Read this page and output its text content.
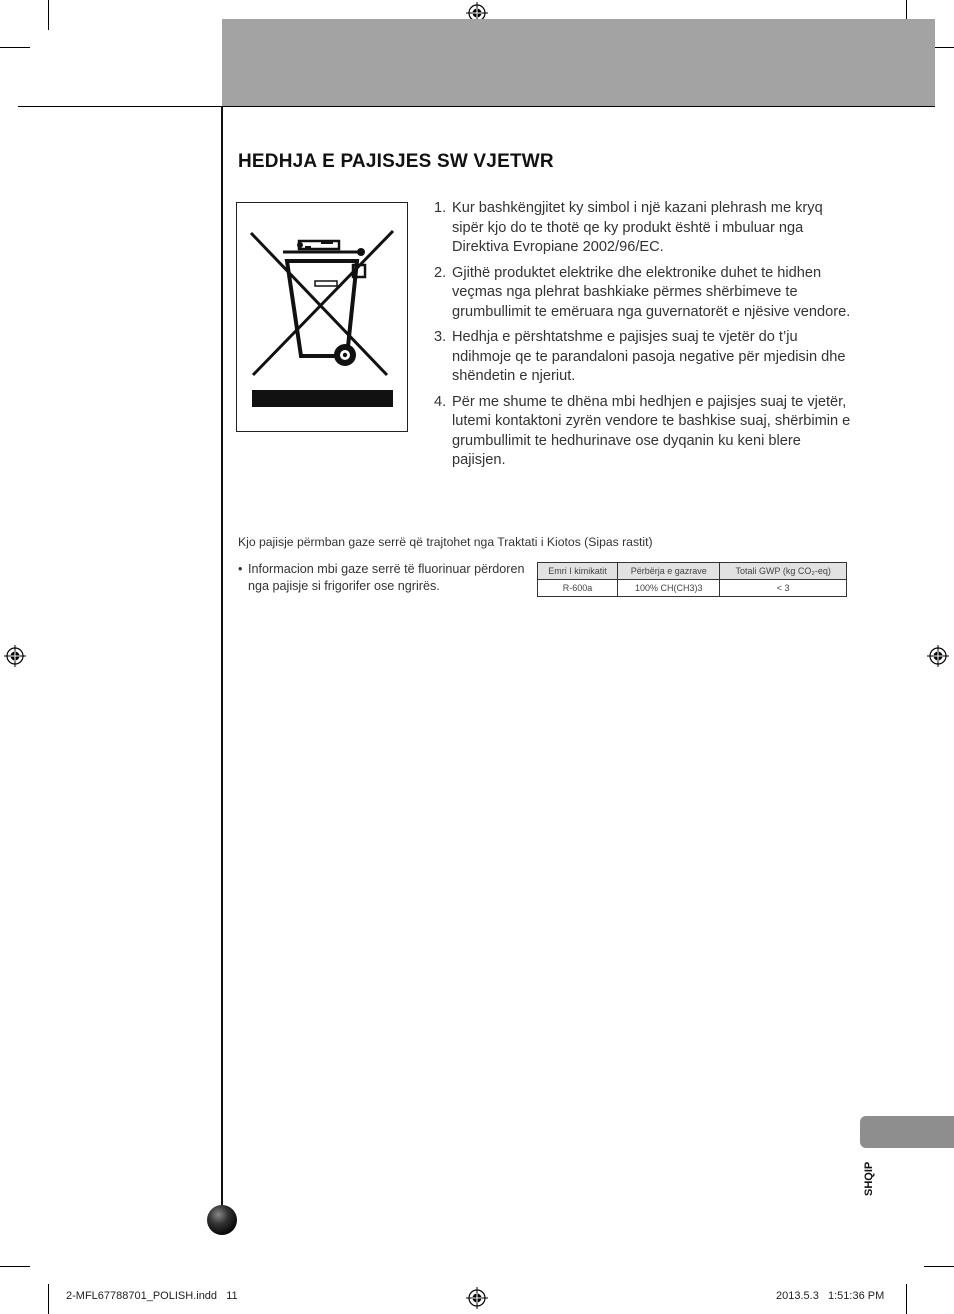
HEDHJA E PAJISJES SW VJETWR
1. Kur bashkëngjitet ky simbol i një kazani plehrash me kryq sipër kjo do te thotë qe ky produkt është i mbuluar nga Direktiva Evropiane 2002/96/EC.
2. Gjithë produktet elektrike dhe elektronike duhet te hidhen veçmas nga plehrat bashkiake përmes shërbimeve te grumbullimit te emëruara nga guvernatorët e njësive vendore.
3. Hedhja e përshtatshme e pajisjes suaj te vjetër do t’ju ndihmoje qe te parandaloni pasoja negative për mjedisin dhe shëndetin e njeriut.
4. Për me shume te dhëna mbi hedhjen e pajisjes suaj te vjetër, lutemi kontaktoni zyrën vendore te bashkise suaj, shërbimin e grumbullimit te hedhurinave ose dyqanin ku keni blere pajisjen.
Kjo pajisje përmban gaze serrë që trajtohet nga Traktati i Kiotos (Sipas rastit)
• Informacion mbi gaze serrë të fluorinuar përdoren nga pajisje si frigorifer ose ngrirës.
Emri I kimikatit	Përbërja e gazrave	Totali GWP (kg CO₂-eq)
R-600a	100% CH(CH3)3	< 3
SHQIP
2-MFL67788701_POLISH.indd   11	2013.5.3   1:51:36 PM
